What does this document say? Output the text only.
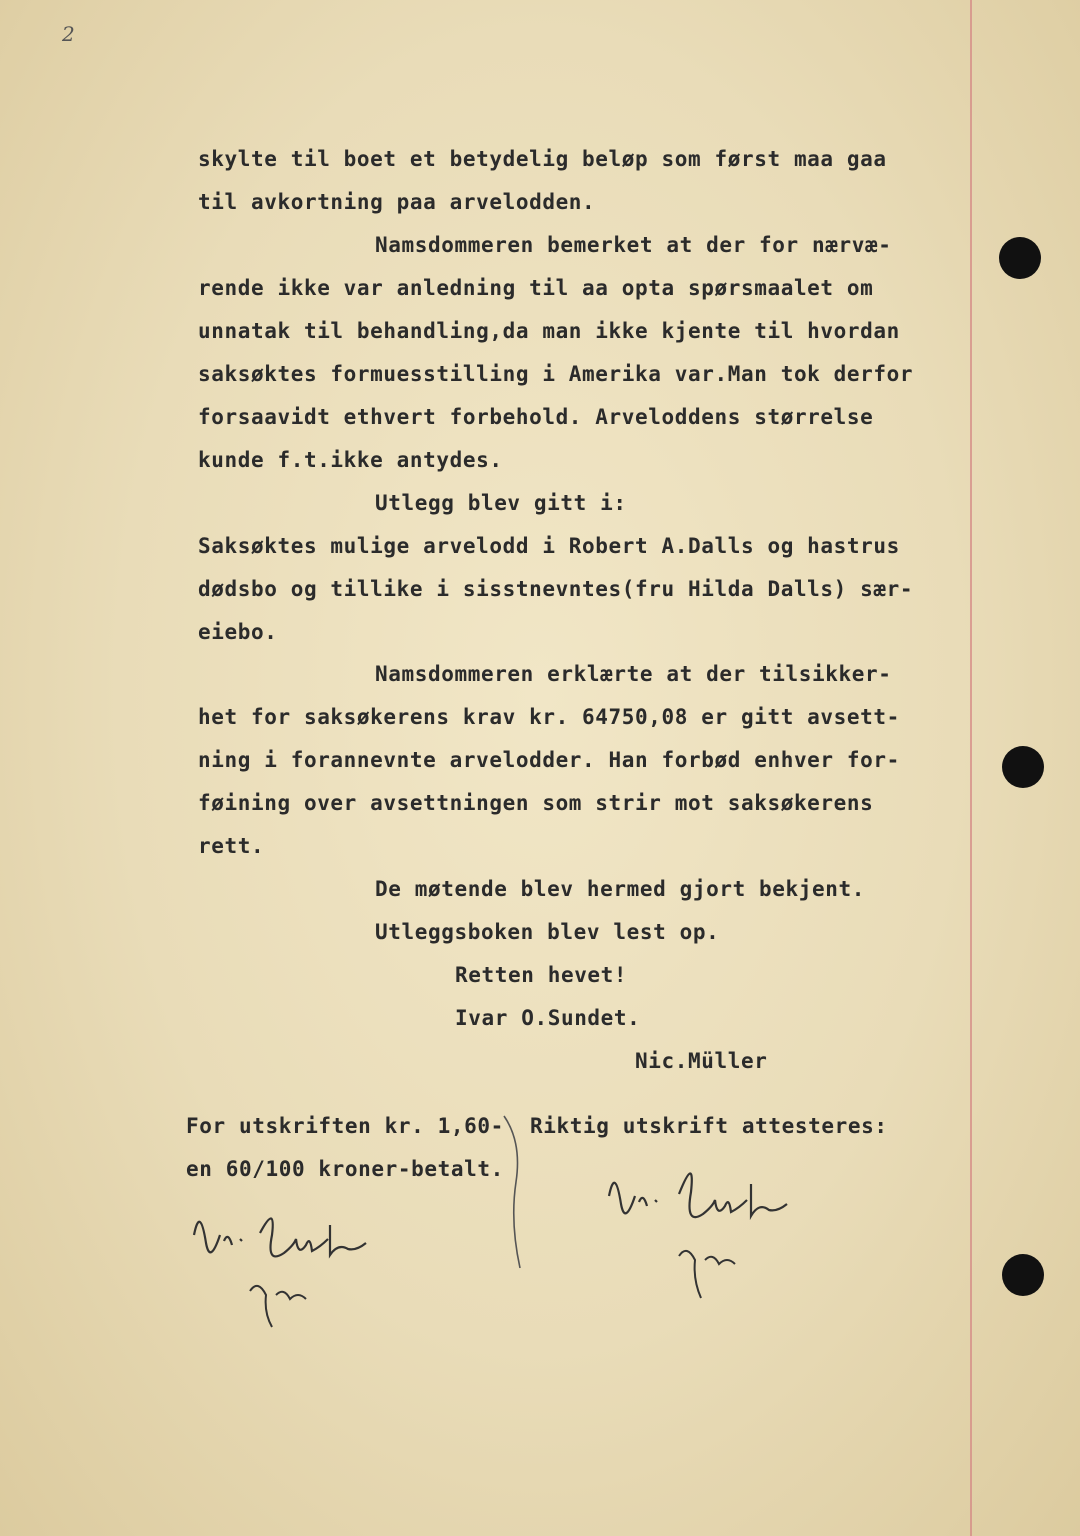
2
skylte til boet et betydelig beløp som først maa gaa
til avkortning paa arvelodden.
Namsdommeren bemerket at der for nærvæ-
rende ikke var anledning til aa opta spørsmaalet om
unnatak til behandling,da man ikke kjente til hvordan
saksøktes formuesstilling i Amerika var.Man tok derfor
forsaavidt ethvert forbehold. Arveloddens størrelse
kunde f.t.ikke antydes.
Utlegg blev gitt i:
Saksøktes mulige arvelodd i Robert A.Dalls og hastrus
dødsbo og tillike i sisstnevntes(fru Hilda Dalls) sær-
eiebo.
Namsdommeren erklærte at der tilsikker-
het for saksøkerens krav kr. 64750,08 er gitt avsett-
ning i forannevnte arvelodder. Han forbød enhver for-
føining over avsettningen som strir mot saksøkerens
rett.
De møtende blev hermed gjort bekjent.
Utleggsboken blev lest op.
Retten hevet!
Ivar O.Sundet.
Nic.Müller
For utskriften kr. 1,60-
en 60/100 kroner-betalt.
Riktig utskrift attesteres:
